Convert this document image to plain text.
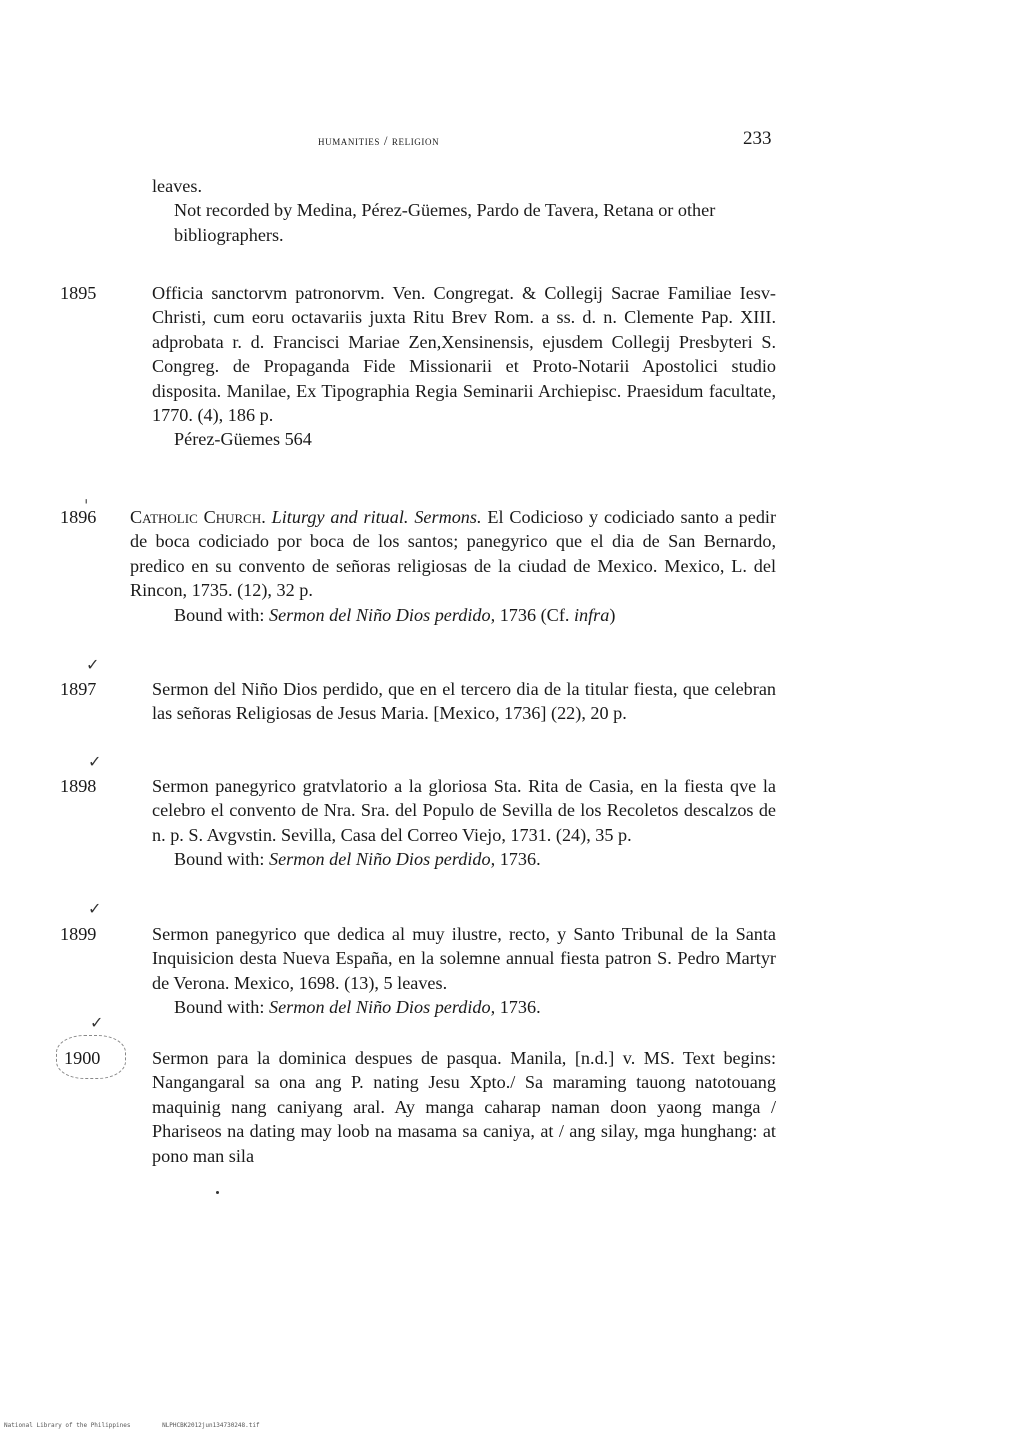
humanities / religion	233
leaves.
Not recorded by Medina, Pérez-Güemes, Pardo de Tavera, Retana or other bibliographers.
1895	Officia sanctorvm patronorvm. Ven. Congregat. & Collegij Sacrae Familiae Iesv-Christi, cum eoru octavariis juxta Ritu Brev Rom. a ss. d. n. Clemente Pap. XIII. adprobata r. d. Francisci Mariae Zen,Xensinensis, ejusdem Collegij Presbyteri S. Congreg. de Propaganda Fide Missionarii et Proto-Notarii Apostolici studio disposita. Manilae, Ex Tipographia Regia Seminarii Archiepisc. Praesidum facultate, 1770. (4), 186 p.
Pérez-Güemes 564
ˌ
1896	Catholic Church. Liturgy and ritual. Sermons. El Codicioso y codiciado santo a pedir de boca codiciado por boca de los santos; panegyrico que el dia de San Bernardo, predico en su convento de señoras religiosas de la ciudad de Mexico. Mexico, L. del Rincon, 1735. (12), 32 p.
Bound with: Sermon del Niño Dios perdido, 1736 (Cf. infra)
✓
1897	Sermon del Niño Dios perdido, que en el tercero dia de la titular fiesta, que celebran las señoras Religiosas de Jesus Maria. [Mexico, 1736] (22), 20 p.
✓
1898	Sermon panegyrico gratvlatorio a la gloriosa Sta. Rita de Casia, en la fiesta qve la celebro el convento de Nra. Sra. del Populo de Sevilla de los Recoletos descalzos de n. p. S. Avgvstin. Sevilla, Casa del Correo Viejo, 1731. (24), 35 p.
Bound with: Sermon del Niño Dios perdido, 1736.
✓
1899	Sermon panegyrico que dedica al muy ilustre, recto, y Santo Tribunal de la Santa Inquisicion desta Nueva España, en la solemne annual fiesta patron S. Pedro Martyr de Verona. Mexico, 1698. (13), 5 leaves.
Bound with: Sermon del Niño Dios perdido, 1736.
✓
1900	Sermon para la dominica despues de pasqua. Manila, [n.d.] v. MS. Text begins: Nangangaral sa ona ang P. nating Jesu Xpto./ Sa maraming tauong natotouang maquinig nang caniyang aral. Ay manga caharap naman doon yaong manga / Phariseos na dating may loob na masama sa caniya, at / ang silay, mga hunghang: at pono man sila
National Library of the Philippines	NLPHCBK2012jun134730248.tif
